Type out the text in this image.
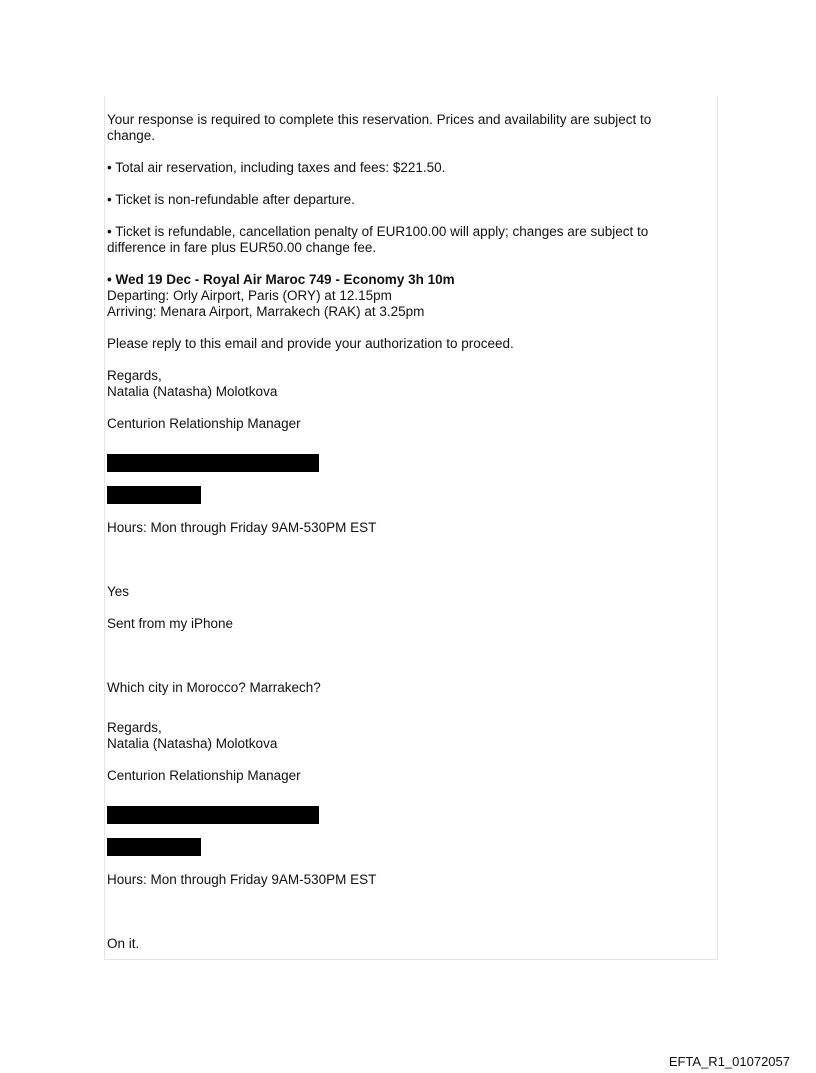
Your response is required to complete this reservation. Prices and availability are subject to change.

• Total air reservation, including taxes and fees: $221.50.

• Ticket is non-refundable after departure.

• Ticket is refundable, cancellation penalty of EUR100.00 will apply; changes are subject to difference in fare plus EUR50.00 change fee.

• Wed 19 Dec - Royal Air Maroc 749 - Economy 3h 10m

Departing: Orly Airport, Paris (ORY) at 12.15pm

Arriving: Menara Airport, Marrakech (RAK) at 3.25pm

Please reply to this email and provide your authorization to proceed.

Regards,

Natalia (Natasha) Molotkova

Centurion Relationship Manager

Hours: Mon through Friday 9AM-530PM EST

Yes

Sent from my iPhone

Which city in Morocco? Marrakech?

Regards,

Natalia (Natasha) Molotkova

Centurion Relationship Manager

Hours: Mon through Friday 9AM-530PM EST

On it.

EFTA_R1_01072057
